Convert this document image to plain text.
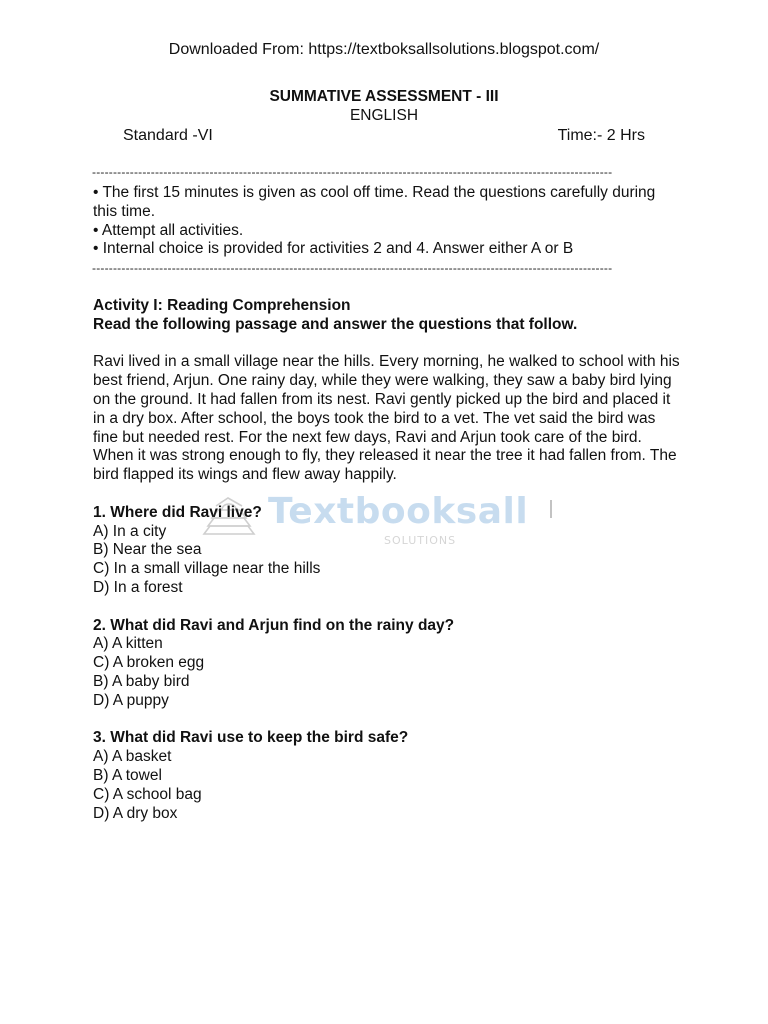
Downloaded From: https://textboksallsolutions.blogspot.com/

SUMMATIVE ASSESSMENT - III

ENGLISH

Standard -VI	Time:- 2 Hrs
----------------------------------------------------------------------------------------------------------------------------
• The first 15 minutes is given as cool off time. Read the questions carefully during this time.
• Attempt all activities.
• Internal choice is provided for activities 2 and 4. Answer either A or B
----------------------------------------------------------------------------------------------------------------------------

Activity I: Reading Comprehension

Read the following passage and answer the questions that follow.

Ravi lived in a small village near the hills. Every morning, he walked to school with his best friend, Arjun. One rainy day, while they were walking, they saw a baby bird lying on the ground. It had fallen from its nest. Ravi gently picked up the bird and placed it in a dry box. After school, the boys took the bird to a vet. The vet said the bird was fine but needed rest. For the next few days, Ravi and Arjun took care of the bird. When it was strong enough to fly, they released it near the tree it had fallen from. The bird flapped its wings and flew away happily.

1. Where did Ravi live?
A) In a city
B) Near the sea
C) In a small village near the hills
D) In a forest
2. What did Ravi and Arjun find on the rainy day?
A) A kitten
C) A broken egg
B) A baby bird
D) A puppy
3. What did Ravi use to keep the bird safe?
A) A basket
B) A towel
C) A school bag
D) A dry box
Textbooksall
SOLUTIONS
